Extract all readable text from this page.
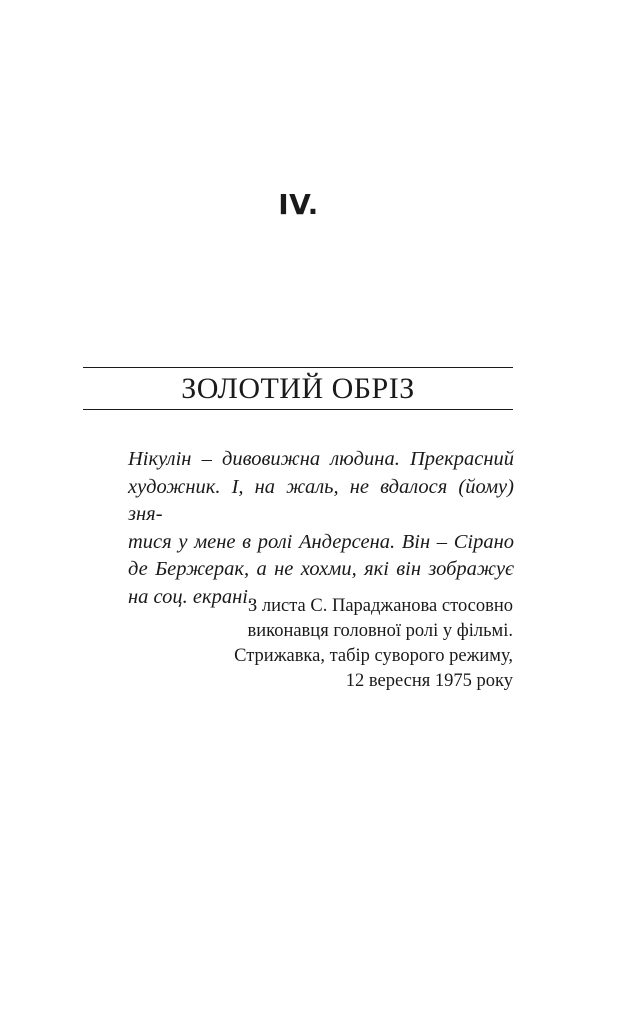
IV.
ЗОЛОТИЙ ОБРІЗ
Нікулін – дивовижна людина. Прекрасний
художник. І, на жаль, не вдалося (йому) зня-
тися у мене в ролі Андерсена. Він – Сірано
де Бержерак, а не хохми, які він зображує
на соц. екрані.
З листа С. Параджанова стосовно
виконавця головної ролі у фільмі.
Стрижавка, табір суворого режиму,
12 вересня 1975 року
